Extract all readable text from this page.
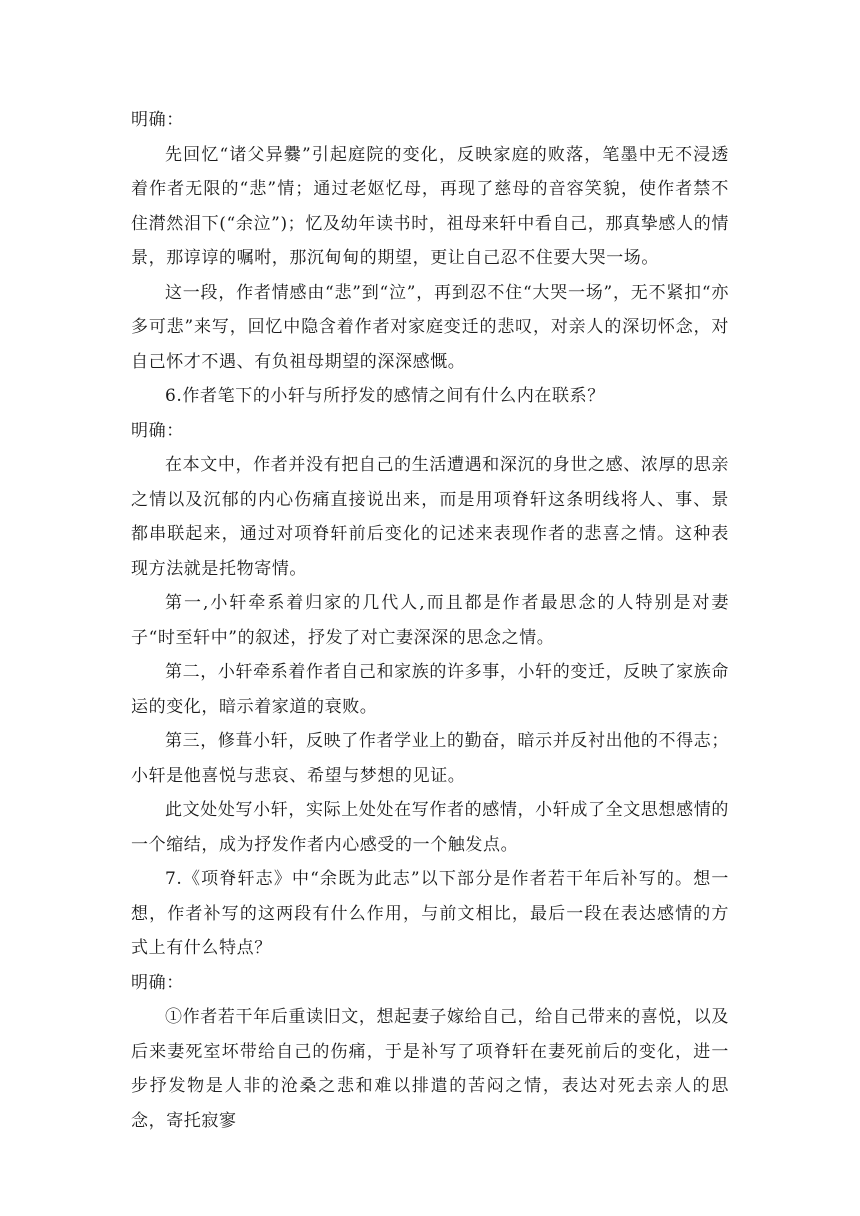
明确：

先回忆“诸父异爨”引起庭院的变化，反映家庭的败落，笔墨中无不浸透着作者无限的“悲”情；通过老妪忆母，再现了慈母的音容笑貌，使作者禁不住潸然泪下(“余泣”)；忆及幼年读书时，祖母来轩中看自己，那真挚感人的情景，那谆谆的嘱咐，那沉甸甸的期望，更让自己忍不住要大哭一场。

这一段，作者情感由“悲”到“泣”，再到忍不住“大哭一场”，无不紧扣“亦多可悲”来写，回忆中隐含着作者对家庭变迁的悲叹，对亲人的深切怀念，对自己怀才不遇、有负祖母期望的深深感慨。

6.作者笔下的小轩与所抒发的感情之间有什么内在联系？

明确：

在本文中，作者并没有把自己的生活遭遇和深沉的身世之感、浓厚的思亲之情以及沉郁的内心伤痛直接说出来，而是用项脊轩这条明线将人、事、景都串联起来，通过对项脊轩前后变化的记述来表现作者的悲喜之情。这种表现方法就是托物寄情。

第一,小轩牵系着归家的几代人,而且都是作者最思念的人特别是对妻子“时至轩中”的叙述，抒发了对亡妻深深的思念之情。

第二，小轩牵系着作者自己和家族的许多事，小轩的变迁，反映了家族命运的变化，暗示着家道的衰败。

第三，修葺小轩，反映了作者学业上的勤奋，暗示并反衬出他的不得志；小轩是他喜悦与悲哀、希望与梦想的见证。

此文处处写小轩，实际上处处在写作者的感情，小轩成了全文思想感情的一个缩结，成为抒发作者内心感受的一个触发点。

7.《项脊轩志》中“余既为此志”以下部分是作者若干年后补写的。想一想，作者补写的这两段有什么作用，与前文相比，最后一段在表达感情的方式上有什么特点？

明确：

①作者若干年后重读旧文，想起妻子嫁给自己，给自己带来的喜悦，以及后来妻死室坏带给自己的伤痛，于是补写了项脊轩在妻死前后的变化，进一步抒发物是人非的沧桑之悲和难以排遣的苦闷之情，表达对死去亲人的思念，寄托寂寥
